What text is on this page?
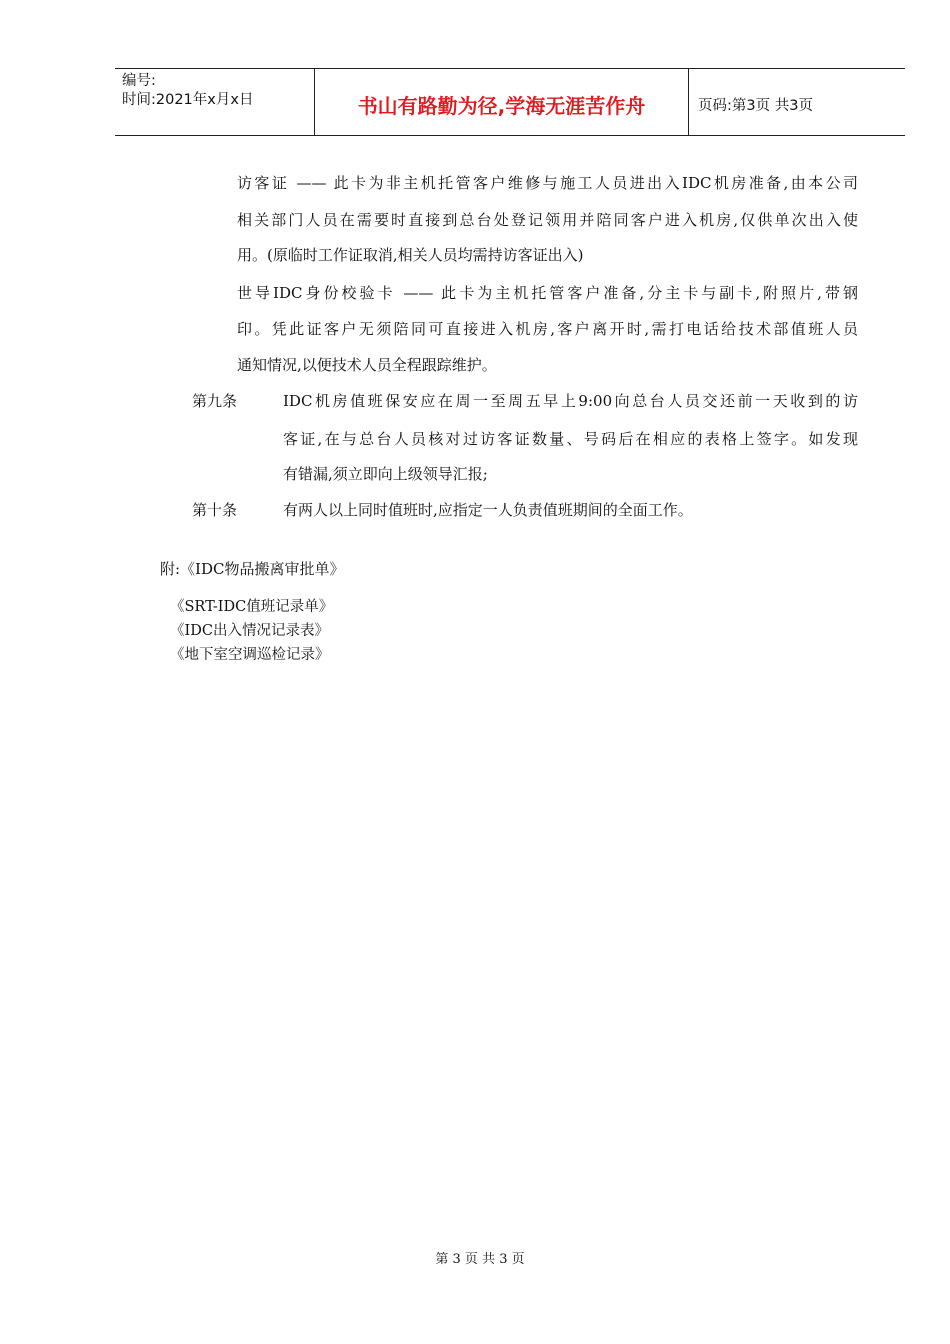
编号:
时间:2021年x月x日	书山有路勤为径,学海无涯苦作舟	页码:第3页 共3页
访客证 —— 此卡为非主机托管客户维修与施工人员进出入IDC机房准备,由本公司
相关部门人员在需要时直接到总台处登记领用并陪同客户进入机房,仅供单次出入使
用。(原临时工作证取消,相关人员均需持访客证出入)
世导IDC身份校验卡 —— 此卡为主机托管客户准备,分主卡与副卡,附照片,带钢
印。凭此证客户无须陪同可直接进入机房,客户离开时,需打电话给技术部值班人员
通知情况,以便技术人员全程跟踪维护。
第九条	IDC机房值班保安应在周一至周五早上9:00向总台人员交还前一天收到的访
客证,在与总台人员核对过访客证数量、号码后在相应的表格上签字。如发现
有错漏,须立即向上级领导汇报;
第十条	有两人以上同时值班时,应指定一人负责值班期间的全面工作。
附:《IDC物品搬离审批单》
《SRT-IDC值班记录单》
《IDC出入情况记录表》
《地下室空调巡检记录》
第 3 页 共 3 页
